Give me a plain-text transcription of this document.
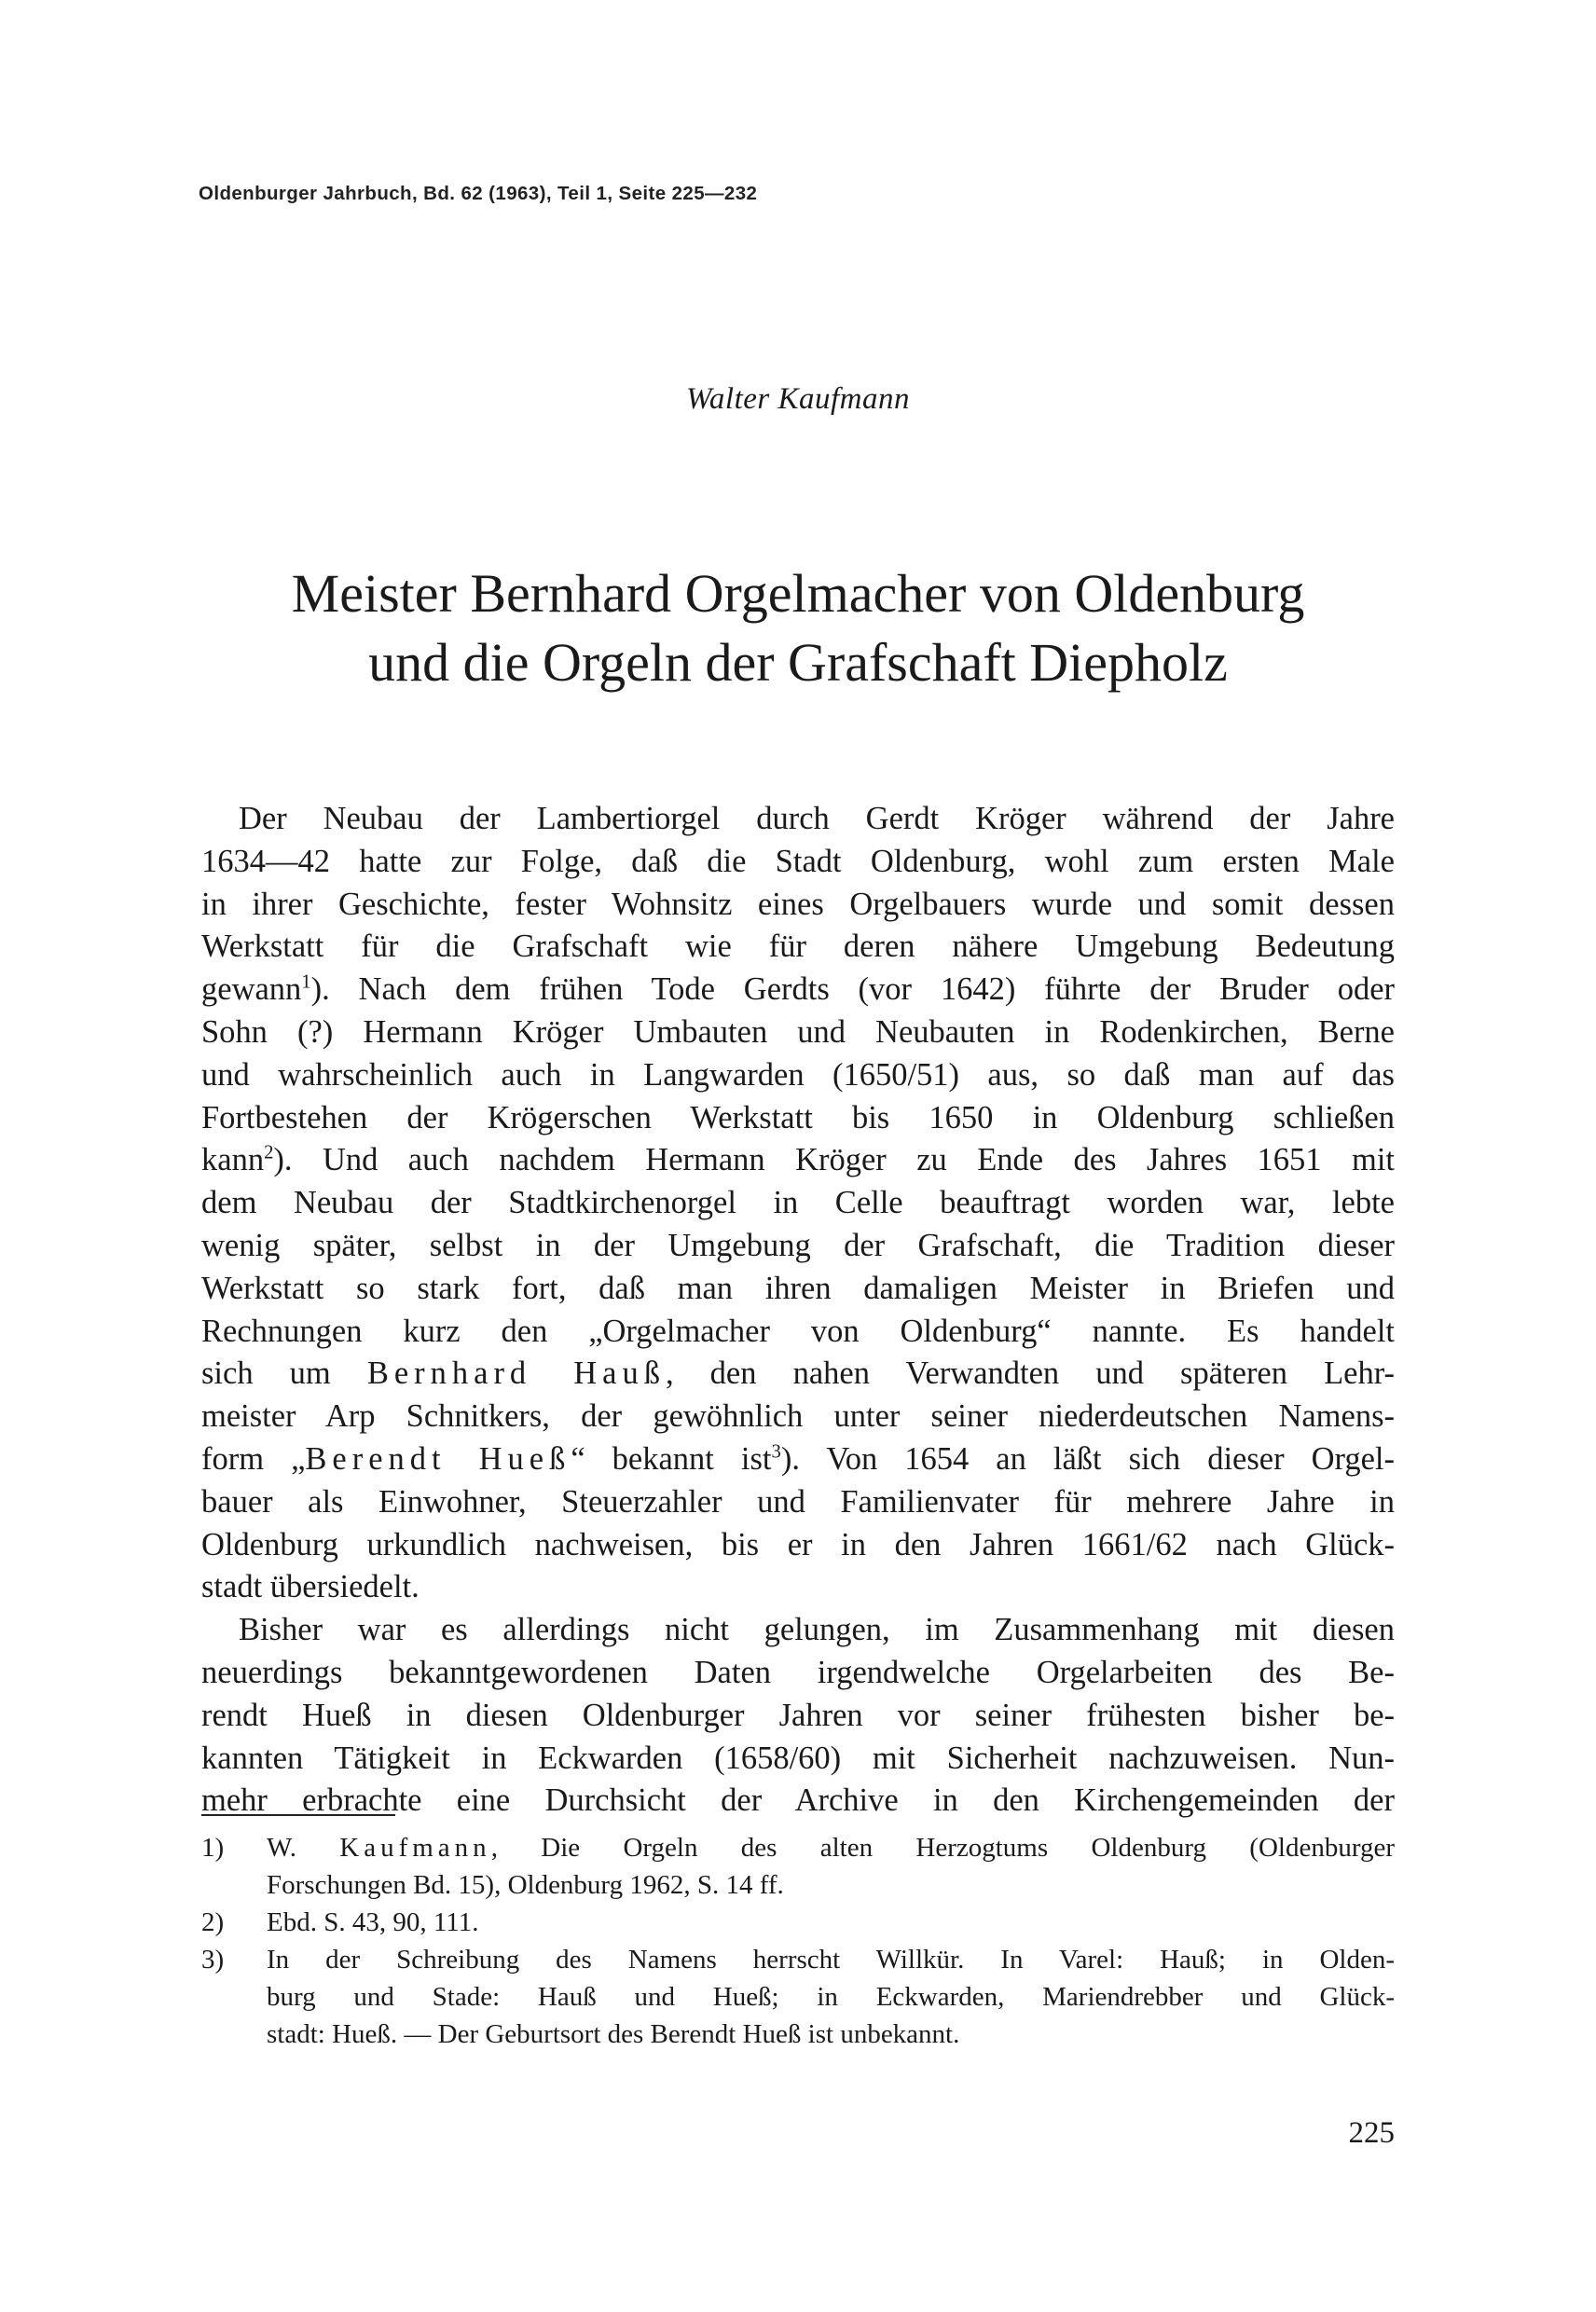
Oldenburger Jahrbuch, Bd. 62 (1963), Teil 1, Seite 225—232
Walter Kaufmann
Meister Bernhard Orgelmacher von Oldenburg
und die Orgeln der Grafschaft Diepholz
Der Neubau der Lambertiorgel durch Gerdt Kröger während der Jahre
1634—42 hatte zur Folge, daß die Stadt Oldenburg, wohl zum ersten Male
in ihrer Geschichte, fester Wohnsitz eines Orgelbauers wurde und somit dessen
Werkstatt für die Grafschaft wie für deren nähere Umgebung Bedeutung
gewann$^1$). Nach dem frühen Tode Gerdts (vor 1642) führte der Bruder oder
Sohn (?) Hermann Kröger Umbauten und Neubauten in Rodenkirchen, Berne
und wahrscheinlich auch in Langwarden (1650/51) aus, so daß man auf das
Fortbestehen der Krögerschen Werkstatt bis 1650 in Oldenburg schließen
kann$^2$). Und auch nachdem Hermann Kröger zu Ende des Jahres 1651 mit
dem Neubau der Stadtkirchenorgel in Celle beauftragt worden war, lebte
wenig später, selbst in der Umgebung der Grafschaft, die Tradition dieser
Werkstatt so stark fort, daß man ihren damaligen Meister in Briefen und
Rechnungen kurz den „Orgelmacher von Oldenburg“ nannte. Es handelt
sich um Bernhard Hauß, den nahen Verwandten und späteren Lehr-
meister Arp Schnitkers, der gewöhnlich unter seiner niederdeutschen Namens-
form „Berendt Hueß“ bekannt ist$^3$). Von 1654 an läßt sich dieser Orgel-
bauer als Einwohner, Steuerzahler und Familienvater für mehrere Jahre in
Oldenburg urkundlich nachweisen, bis er in den Jahren 1661/62 nach Glück-
stadt übersiedelt.
Bisher war es allerdings nicht gelungen, im Zusammenhang mit diesen
neuerdings bekanntgewordenen Daten irgendwelche Orgelarbeiten des Be-
rendt Hueß in diesen Oldenburger Jahren vor seiner frühesten bisher be-
kannten Tätigkeit in Eckwarden (1658/60) mit Sicherheit nachzuweisen. Nun-
mehr erbrachte eine Durchsicht der Archive in den Kirchengemeinden der
1) W. Kaufmann, Die Orgeln des alten Herzogtums Oldenburg (Oldenburger
Forschungen Bd. 15), Oldenburg 1962, S. 14 ff.
2) Ebd. S. 43, 90, 111.
3) In der Schreibung des Namens herrscht Willkür. In Varel: Hauß; in Olden-
burg und Stade: Hauß und Hueß; in Eckwarden, Mariendrebber und Glück-
stadt: Hueß. — Der Geburtsort des Berendt Hueß ist unbekannt.
225
